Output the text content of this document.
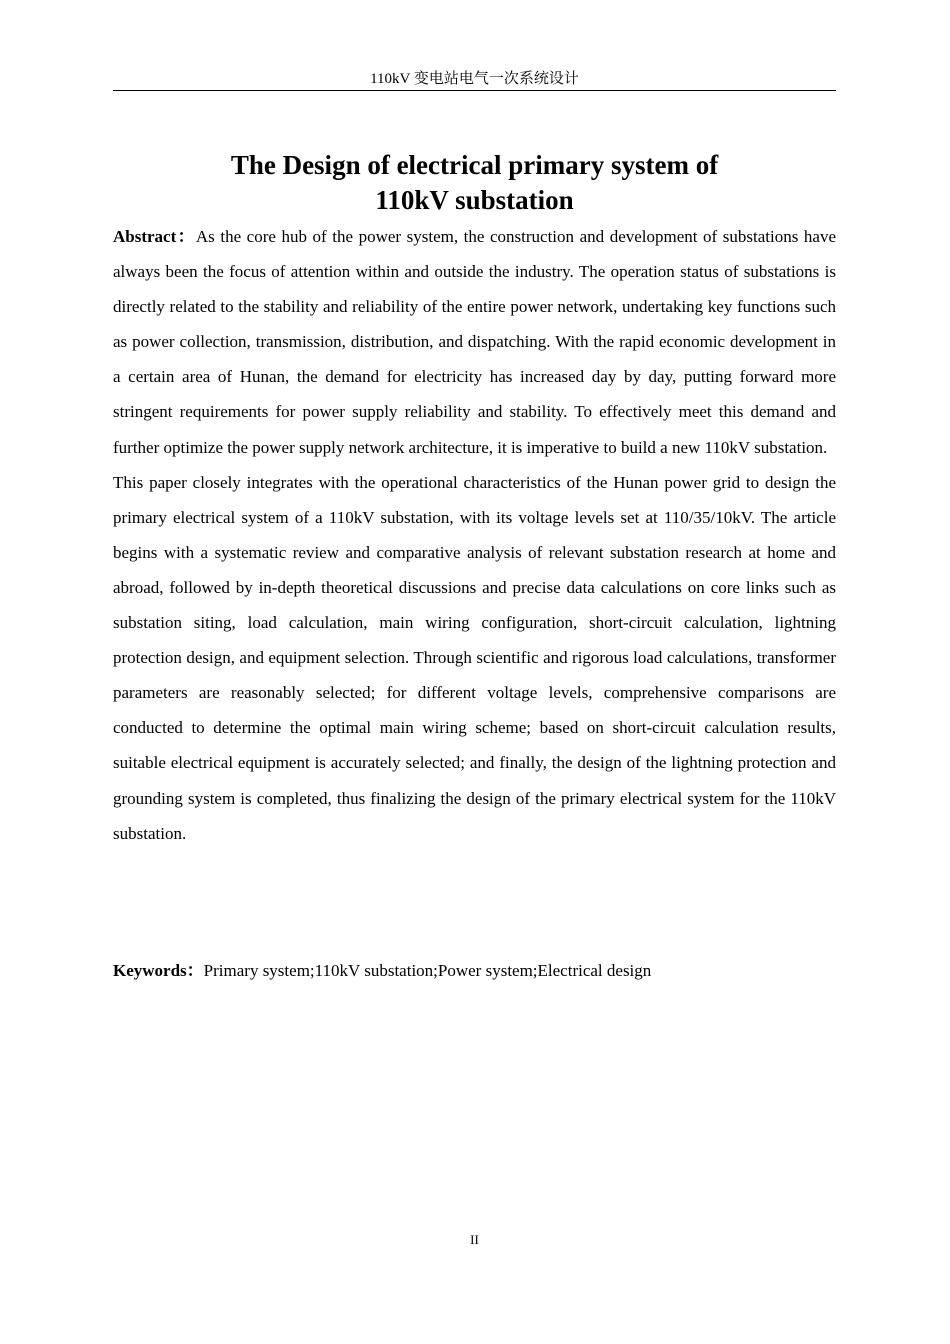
110kV 变电站电气一次系统设计
The Design of electrical primary system of
110kV substation

Abstract：As the core hub of the power system, the construction and development of substations have always been the focus of attention within and outside the industry. The operation status of substations is directly related to the stability and reliability of the entire power network, undertaking key functions such as power collection, transmission, distribution, and dispatching. With the rapid economic development in a certain area of Hunan, the demand for electricity has increased day by day, putting forward more stringent requirements for power supply reliability and stability. To effectively meet this demand and further optimize the power supply network architecture, it is imperative to build a new 110kV substation.

This paper closely integrates with the operational characteristics of the Hunan power grid to design the primary electrical system of a 110kV substation, with its voltage levels set at 110/35/10kV. The article begins with a systematic review and comparative analysis of relevant substation research at home and abroad, followed by in-depth theoretical discussions and precise data calculations on core links such as substation siting, load calculation, main wiring configuration, short-circuit calculation, lightning protection design, and equipment selection. Through scientific and rigorous load calculations, transformer parameters are reasonably selected; for different voltage levels, comprehensive comparisons are conducted to determine the optimal main wiring scheme; based on short-circuit calculation results, suitable electrical equipment is accurately selected; and finally, the design of the lightning protection and grounding system is completed, thus finalizing the design of the primary electrical system for the 110kV substation.

Keywords：Primary system;110kV substation;Power system;Electrical design
II
